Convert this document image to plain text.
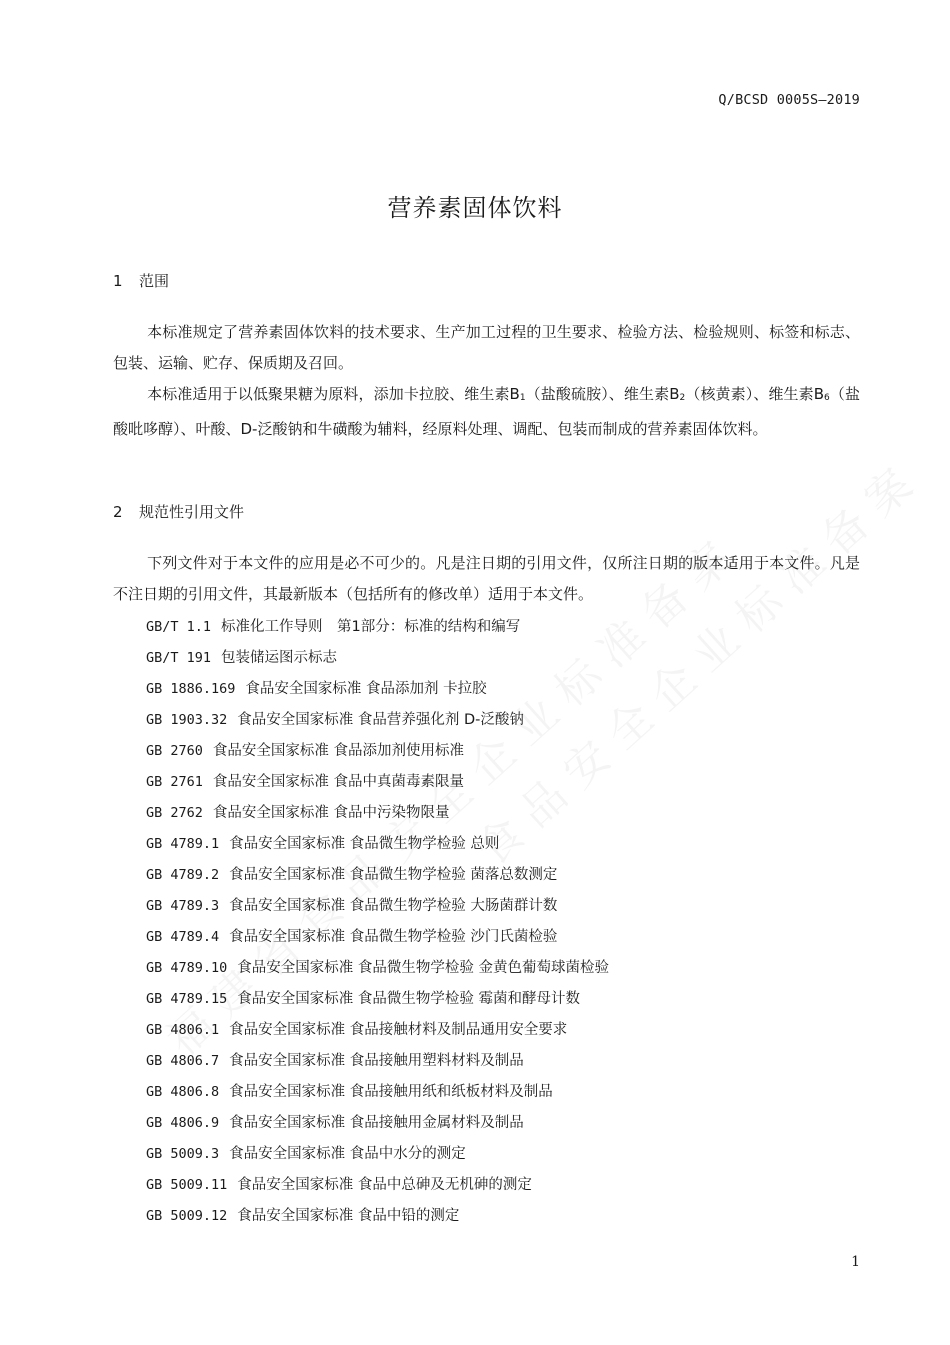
Q/BCSD 0005S—2019
营养素固体饮料
1 范围
本标准规定了营养素固体饮料的技术要求、生产加工过程的卫生要求、检验方法、检验规则、标签和标志、包装、运输、贮存、保质期及召回。
本标准适用于以低聚果糖为原料，添加卡拉胶、维生素$B_1$（盐酸硫胺）、维生素$B_2$（核黄素）、维生素$B_6$（盐酸吡哆醇）、叶酸、D-泛酸钠和牛磺酸为辅料，经原料处理、调配、包装而制成的营养素固体饮料。
2 规范性引用文件
下列文件对于本文件的应用是必不可少的。凡是注日期的引用文件，仅所注日期的版本适用于本文件。凡是不注日期的引用文件，其最新版本（包括所有的修改单）适用于本文件。
GB/T 1.1 标准化工作导则　第1部分：标准的结构和编写
GB/T 191 包装储运图示标志
GB 1886.169 食品安全国家标准 食品添加剂 卡拉胶
GB 1903.32 食品安全国家标准 食品营养强化剂 D-泛酸钠
GB 2760 食品安全国家标准 食品添加剂使用标准
GB 2761 食品安全国家标准 食品中真菌毒素限量
GB 2762 食品安全国家标准 食品中污染物限量
GB 4789.1 食品安全国家标准 食品微生物学检验 总则
GB 4789.2 食品安全国家标准 食品微生物学检验 菌落总数测定
GB 4789.3 食品安全国家标准 食品微生物学检验 大肠菌群计数
GB 4789.4 食品安全国家标准 食品微生物学检验 沙门氏菌检验
GB 4789.10 食品安全国家标准 食品微生物学检验 金黄色葡萄球菌检验
GB 4789.15 食品安全国家标准 食品微生物学检验 霉菌和酵母计数
GB 4806.1 食品安全国家标准 食品接触材料及制品通用安全要求
GB 4806.7 食品安全国家标准 食品接触用塑料材料及制品
GB 4806.8 食品安全国家标准 食品接触用纸和纸板材料及制品
GB 4806.9 食品安全国家标准 食品接触用金属材料及制品
GB 5009.3 食品安全国家标准 食品中水分的测定
GB 5009.11 食品安全国家标准 食品中总砷及无机砷的测定
GB 5009.12 食品安全国家标准 食品中铅的测定
1
